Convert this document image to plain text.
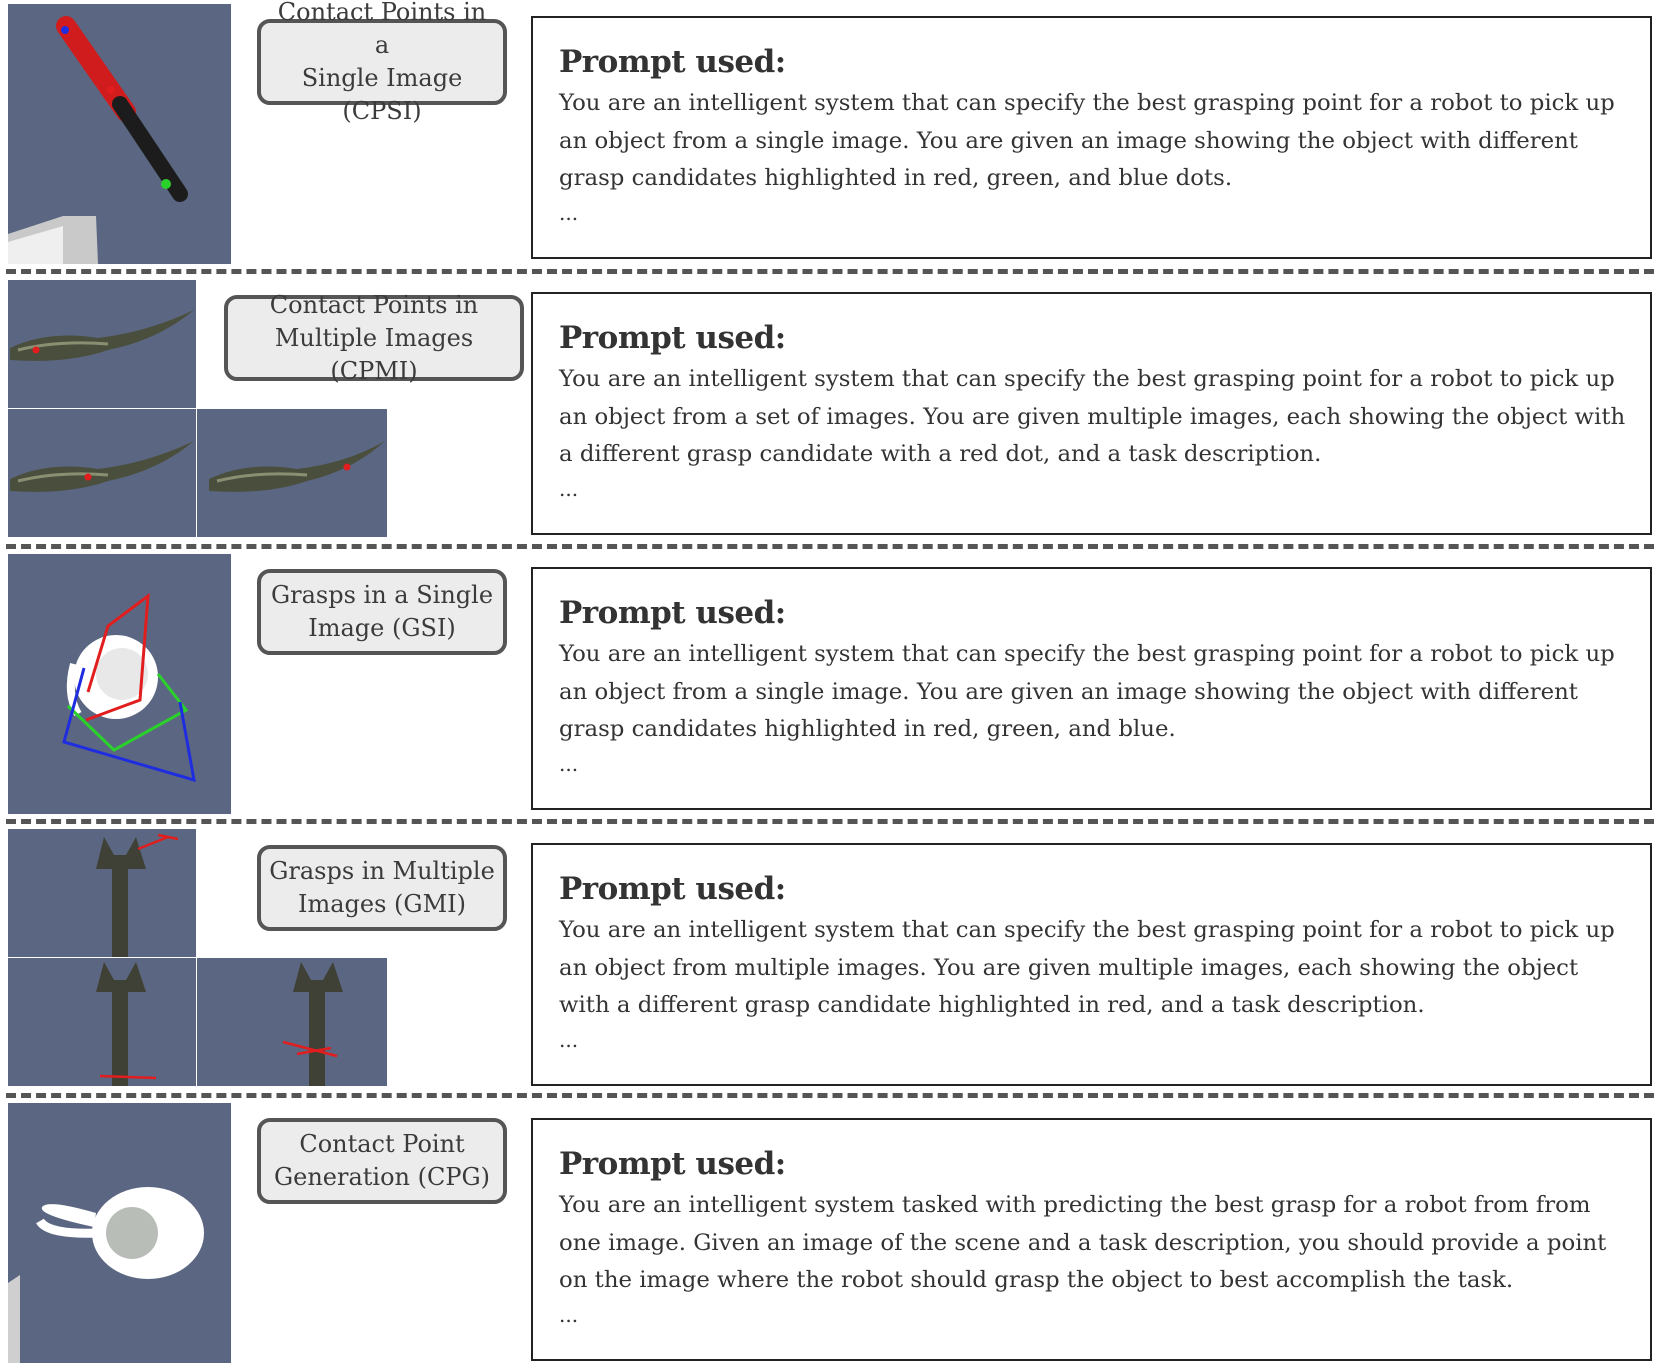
Contact Points in a
Single Image (CPSI)
Prompt used:
You are an intelligent system that can specify the best grasping point for a robot to pick up an object from a single image. You are given an image showing the object with different grasp candidates highlighted in red, green, and blue dots.
...
Contact Points in
Multiple Images (CPMI)
Prompt used:
You are an intelligent system that can specify the best grasping point for a robot to pick up an object from a set of images. You are given multiple images, each showing the object with a different grasp candidate with a red dot, and a task description.
...
Grasps in a Single
Image (GSI)	Prompt used:
You are an intelligent system that can specify the best grasping point for a robot to pick up an object from a single image. You are given an image showing the object with different grasp candidates highlighted in red, green, and blue.
...
Grasps in Multiple
Images (GMI)	Prompt used:
You are an intelligent system that can specify the best grasping point for a robot to pick up an object from multiple images. You are given multiple images, each showing the object with a different grasp candidate highlighted in red, and a task description.
...
Contact Point
Generation (CPG)	Prompt used:
You are an intelligent system tasked with predicting the best grasp for a robot from from one image. Given an image of the scene and a task description, you should provide a point on the image where the robot should grasp the object to best accomplish the task.
...
